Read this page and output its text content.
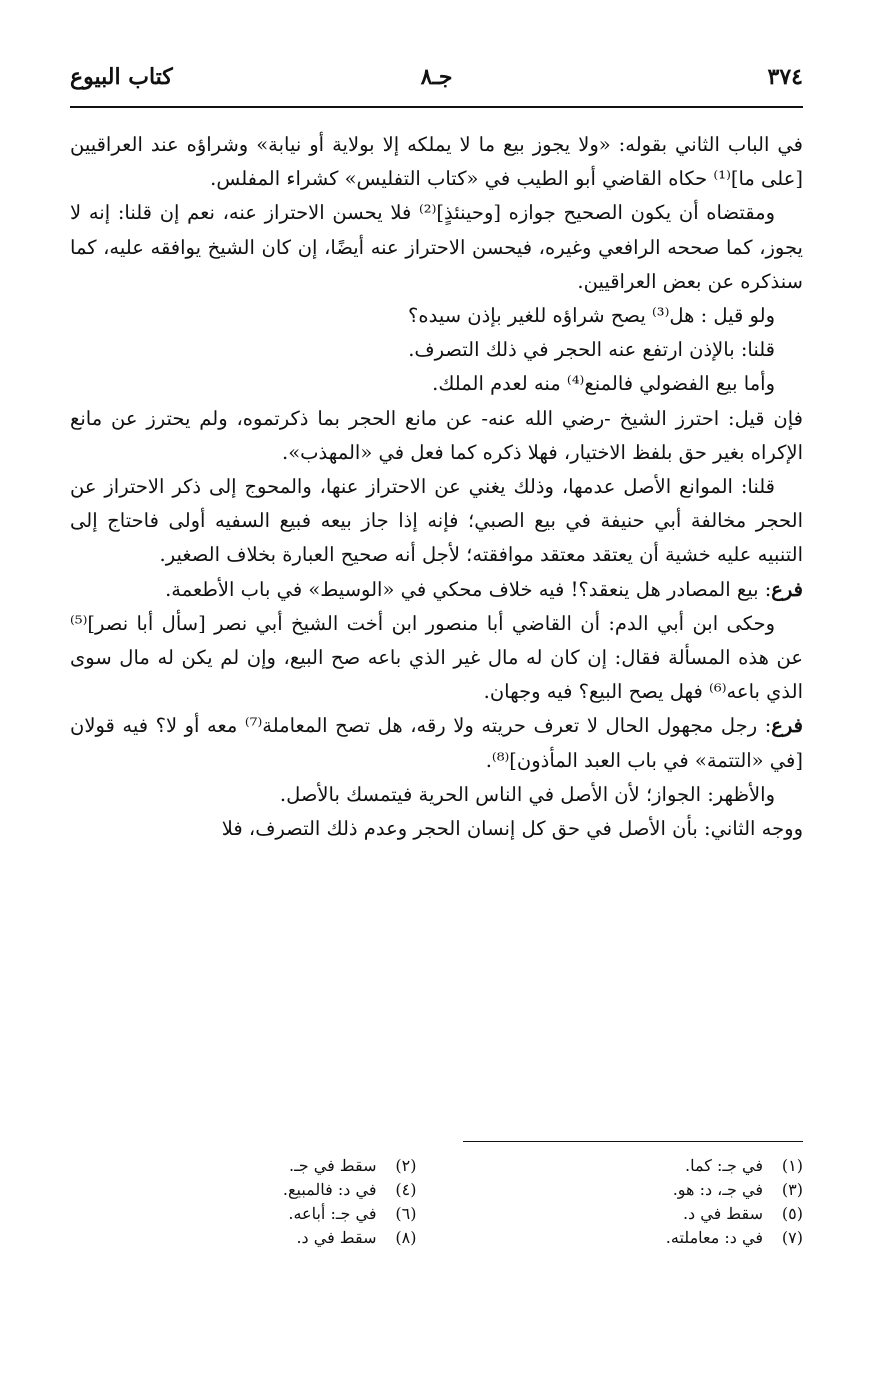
٣٧٤
جـ٨
كتاب البيوع

في الباب الثاني بقوله: «ولا يجوز بيع ما لا يملكه إلا بولاية أو نيابة» وشراؤه عند العراقيين [على ما]⁽¹⁾ حكاه القاضي أبو الطيب في «كتاب التفليس» كشراء المفلس.

ومقتضاه أن يكون الصحيح جوازه [وحينئذٍ]⁽²⁾ فلا يحسن الاحتراز عنه، نعم إن قلنا: إنه لا يجوز، كما صححه الرافعي وغيره، فيحسن الاحتراز عنه أيضًا، إن كان الشيخ يوافقه عليه، كما سنذكره عن بعض العراقيين.

ولو قيل : هل⁽³⁾ يصح شراؤه للغير بإذن سيده؟

قلنا: بالإذن ارتفع عنه الحجر في ذلك التصرف.

وأما بيع الفضولي فالمنع⁽⁴⁾ منه لعدم الملك.

فإن قيل: احترز الشيخ -رضي الله عنه- عن مانع الحجر بما ذكرتموه، ولم يحترز عن مانع الإكراه بغير حق بلفظ الاختيار، فهلا ذكره كما فعل في «المهذب».

قلنا: الموانع الأصل عدمها، وذلك يغني عن الاحتراز عنها، والمحوج إلى ذكر الاحتراز عن الحجر مخالفة أبي حنيفة في بيع الصبي؛ فإنه إذا جاز بيعه فبيع السفيه أولى فاحتاج إلى التنبيه عليه خشية أن يعتقد معتقد موافقته؛ لأجل أنه صحيح العبارة بخلاف الصغير.

فرع: بيع المصادر هل ينعقد؟! فيه خلاف محكي في «الوسيط» في باب الأطعمة.

وحكى ابن أبي الدم: أن القاضي أبا منصور ابن أخت الشيخ أبي نصر [سأل أبا نصر]⁽⁵⁾ عن هذه المسألة فقال: إن كان له مال غير الذي باعه صح البيع، وإن لم يكن له مال سوى الذي باعه⁽⁶⁾ فهل يصح البيع؟ فيه وجهان.

فرع: رجل مجهول الحال لا تعرف حريته ولا رقه، هل تصح المعاملة⁽⁷⁾ معه أو لا؟ فيه قولان [في «التتمة» في باب العبد المأذون]⁽⁸⁾.

والأظهر: الجواز؛ لأن الأصل في الناس الحرية فيتمسك بالأصل.

ووجه الثاني: بأن الأصل في حق كل إنسان الحجر وعدم ذلك التصرف، فلا

(١)
في جـ: كما.
(٢)
سقط في جـ.
(٣)
في جـ، د: هو.
(٤)
في د: فالمبيع.
(٥)
سقط في د.
(٦)
في جـ: أباعه.
(٧)
في د: معاملته.
(٨)
سقط في د.
